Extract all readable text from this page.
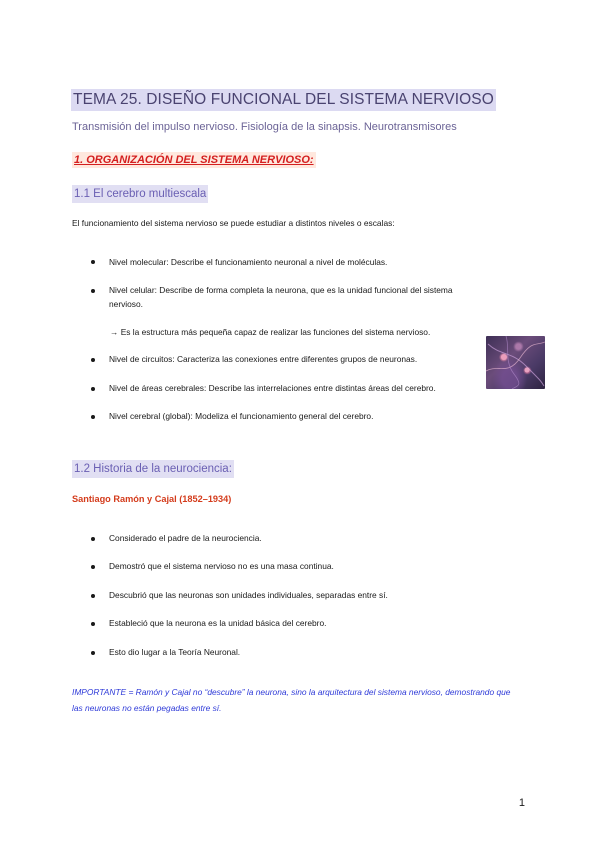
TEMA 25. DISEÑO FUNCIONAL DEL SISTEMA NERVIOSO
Transmisión del impulso nervioso. Fisiología de la sinapsis. Neurotransmisores
1. ORGANIZACIÓN DEL SISTEMA NERVIOSO:
1.1 El cerebro multiescala
El funcionamiento del sistema nervioso se puede estudiar a distintos niveles o escalas:
Nivel molecular: Describe el funcionamiento neuronal a nivel de moléculas.
Nivel celular: Describe de forma completa la neurona, que es la unidad funcional del sistema
nervioso.
→ Es la estructura más pequeña capaz de realizar las funciones del sistema nervioso.
Nivel de circuitos: Caracteriza las conexiones entre diferentes grupos de neuronas.
Nivel de áreas cerebrales: Describe las interrelaciones entre distintas áreas del cerebro.
Nivel cerebral (global): Modeliza el funcionamiento general del cerebro.
1.2 Historia de la neurociencia:
Santiago Ramón y Cajal (1852–1934)
Considerado el padre de la neurociencia.
Demostró que el sistema nervioso no es una masa continua.
Descubrió que las neuronas son unidades individuales, separadas entre sí.
Estableció que la neurona es la unidad básica del cerebro.
Esto dio lugar a la Teoría Neuronal.
IMPORTANTE = Ramón y Cajal no “descubre” la neurona, sino la arquitectura del sistema nervioso, demostrando que las neuronas no están pegadas entre sí.
1
